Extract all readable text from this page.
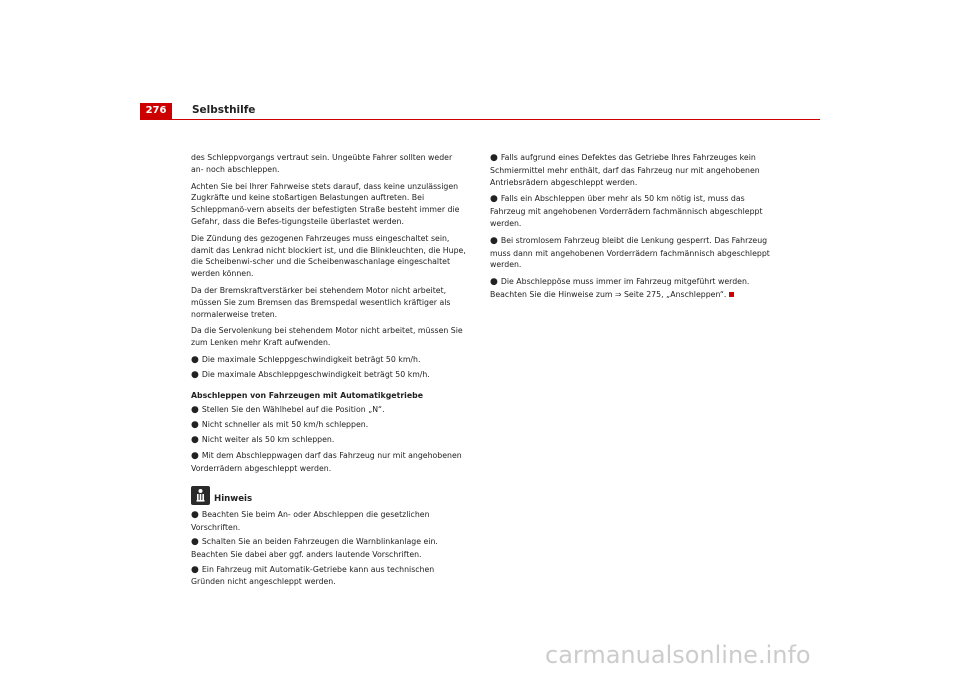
276	Selbsthilfe

des Schleppvorgangs vertraut sein. Ungeübte Fahrer sollten weder an- noch abschleppen.

Achten Sie bei Ihrer Fahrweise stets darauf, dass keine unzulässigen Zugkräfte und keine stoßartigen Belastungen auftreten. Bei Schleppmanö-vern abseits der befestigten Straße besteht immer die Gefahr, dass die Befes-tigungsteile überlastet werden.

Die Zündung des gezogenen Fahrzeuges muss eingeschaltet sein, damit das Lenkrad nicht blockiert ist, und die Blinkleuchten, die Hupe, die Scheibenwi-scher und die Scheibenwaschanlage eingeschaltet werden können.

Da der Bremskraftverstärker bei stehendem Motor nicht arbeitet, müssen Sie zum Bremsen das Bremspedal wesentlich kräftiger als normalerweise treten.

Da die Servolenkung bei stehendem Motor nicht arbeitet, müssen Sie zum Lenken mehr Kraft aufwenden.

● Die maximale Schleppgeschwindigkeit beträgt 50 km/h.
● Die maximale Abschleppgeschwindigkeit beträgt 50 km/h.
Abschleppen von Fahrzeugen mit Automatikgetriebe
● Stellen Sie den Wählhebel auf die Position „N“.
● Nicht schneller als mit 50 km/h schleppen.
● Nicht weiter als 50 km schleppen.
● Mit dem Abschleppwagen darf das Fahrzeug nur mit angehobenen Vorderrädern abgeschleppt werden.
Hinweis
● Beachten Sie beim An- oder Abschleppen die gesetzlichen Vorschriften.
● Schalten Sie an beiden Fahrzeugen die Warnblinkanlage ein. Beachten Sie dabei aber ggf. anders lautende Vorschriften.
● Ein Fahrzeug mit Automatik-Getriebe kann aus technischen Gründen nicht angeschleppt werden.
● Falls aufgrund eines Defektes das Getriebe Ihres Fahrzeuges kein Schmiermittel mehr enthält, darf das Fahrzeug nur mit angehobenen Antriebsrädern abgeschleppt werden.
● Falls ein Abschleppen über mehr als 50 km nötig ist, muss das Fahrzeug mit angehobenen Vorderrädern fachmännisch abgeschleppt werden.
● Bei stromlosem Fahrzeug bleibt die Lenkung gesperrt. Das Fahrzeug muss dann mit angehobenen Vorderrädern fachmännisch abgeschleppt werden.
● Die Abschleppöse muss immer im Fahrzeug mitgeführt werden. Beachten Sie die Hinweise zum ⇒ Seite 275, „Anschleppen“.
carmanualsonline.info
